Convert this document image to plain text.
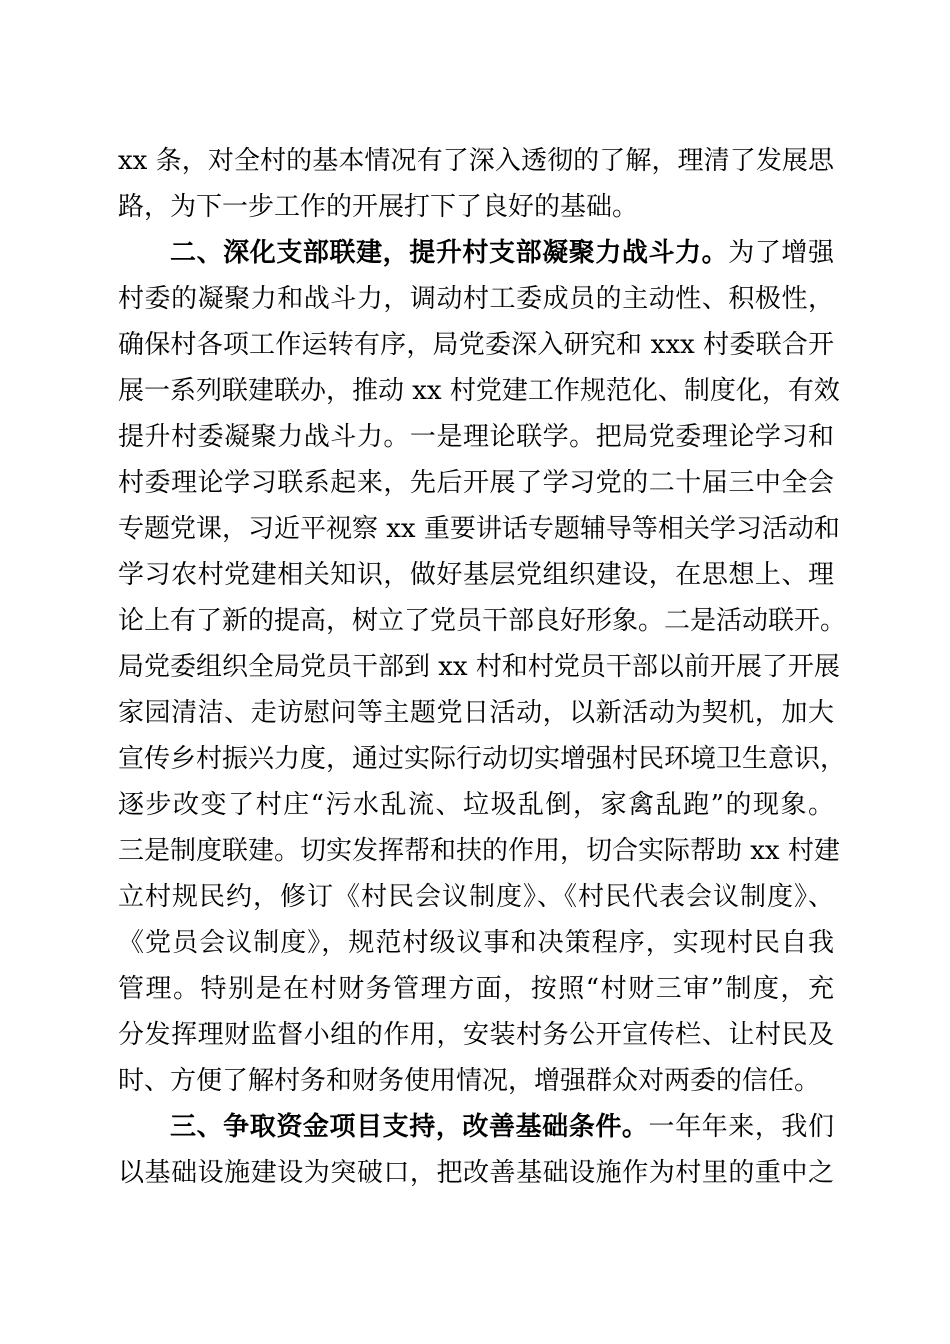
xx 条，对全村的基本情况有了深入透彻的了解，理清了发展思
路，为下一步工作的开展打下了良好的基础。
二、深化支部联建，提升村支部凝聚力战斗力。为了增强
村委的凝聚力和战斗力，调动村工委成员的主动性、积极性，
确保村各项工作运转有序，局党委深入研究和 xxx 村委联合开
展一系列联建联办，推动 xx 村党建工作规范化、制度化，有效
提升村委凝聚力战斗力。一是理论联学。把局党委理论学习和
村委理论学习联系起来，先后开展了学习党的二十届三中全会
专题党课，习近平视察 xx 重要讲话专题辅导等相关学习活动和
学习农村党建相关知识，做好基层党组织建设，在思想上、理
论上有了新的提高，树立了党员干部良好形象。二是活动联开。
局党委组织全局党员干部到 xx 村和村党员干部以前开展了开展
家园清洁、走访慰问等主题党日活动，以新活动为契机，加大
宣传乡村振兴力度，通过实际行动切实增强村民环境卫生意识，
逐步改变了村庄“污水乱流、垃圾乱倒，家禽乱跑”的现象。
三是制度联建。切实发挥帮和扶的作用，切合实际帮助 xx 村建
立村规民约，修订《村民会议制度》、《村民代表会议制度》、
《党员会议制度》，规范村级议事和决策程序，实现村民自我
管理。特别是在村财务管理方面，按照“村财三审”制度，充
分发挥理财监督小组的作用，安装村务公开宣传栏、让村民及
时、方便了解村务和财务使用情况，增强群众对两委的信任。
三、争取资金项目支持，改善基础条件。一年年来，我们
以基础设施建设为突破口，把改善基础设施作为村里的重中之
